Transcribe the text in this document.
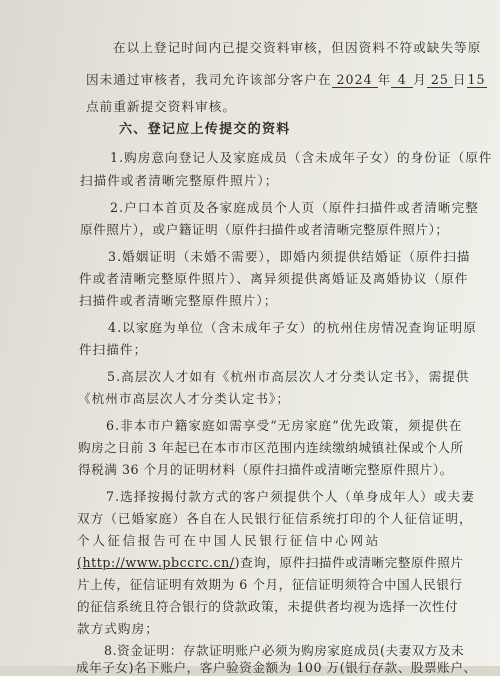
在以上登记时间内已提交资料审核，但因资料不符或缺失等原
因未通过审核者，我司允许该部分客户在 2024 年 4 月 25 日15
点前重新提交资料审核。
六、登记应上传提交的资料
1.购房意向登记人及家庭成员（含未成年子女）的身份证（原件
扫描件或者清晰完整原件照片）；
2.户口本首页及各家庭成员个人页（原件扫描件或者清晰完整
原件照片），或户籍证明（原件扫描件或者清晰完整原件照片）；
3.婚姻证明（未婚不需要），即婚内须提供结婚证（原件扫描
件或者清晰完整原件照片）、离异须提供离婚证及离婚协议（原件
扫描件或者清晰完整原件照片）；
4.以家庭为单位（含未成年子女）的杭州住房情况查询证明原
件扫描件；
5.高层次人才如有《杭州市高层次人才分类认定书》，需提供
《杭州市高层次人才分类认定书》；
6.非本市户籍家庭如需享受“无房家庭”优先政策，须提供在
购房之日前 3 年起已在本市市区范围内连续缴纳城镇社保或个人所
得税满 36 个月的证明材料（原件扫描件或清晰完整原件照片）。
7.选择按揭付款方式的客户须提供个人（单身成年人）或夫妻
双方（已婚家庭）各自在人民银行征信系统打印的个人征信证明，
个人征信报告可在中国人民银行征信中心网站
(http://www.pbccrc.cn/)查询，原件扫描件或清晰完整原件照片
片上传，征信证明有效期为 6 个月，征信证明须符合中国人民银行
的征信系统且符合银行的贷款政策，未提供者均视为选择一次性付
款方式购房；
8.资金证明：存款证明账户必须为购房家庭成员(夫妻双方及未
成年子女)名下账户，客户验资金额为 100 万(银行存款、股票账户、
